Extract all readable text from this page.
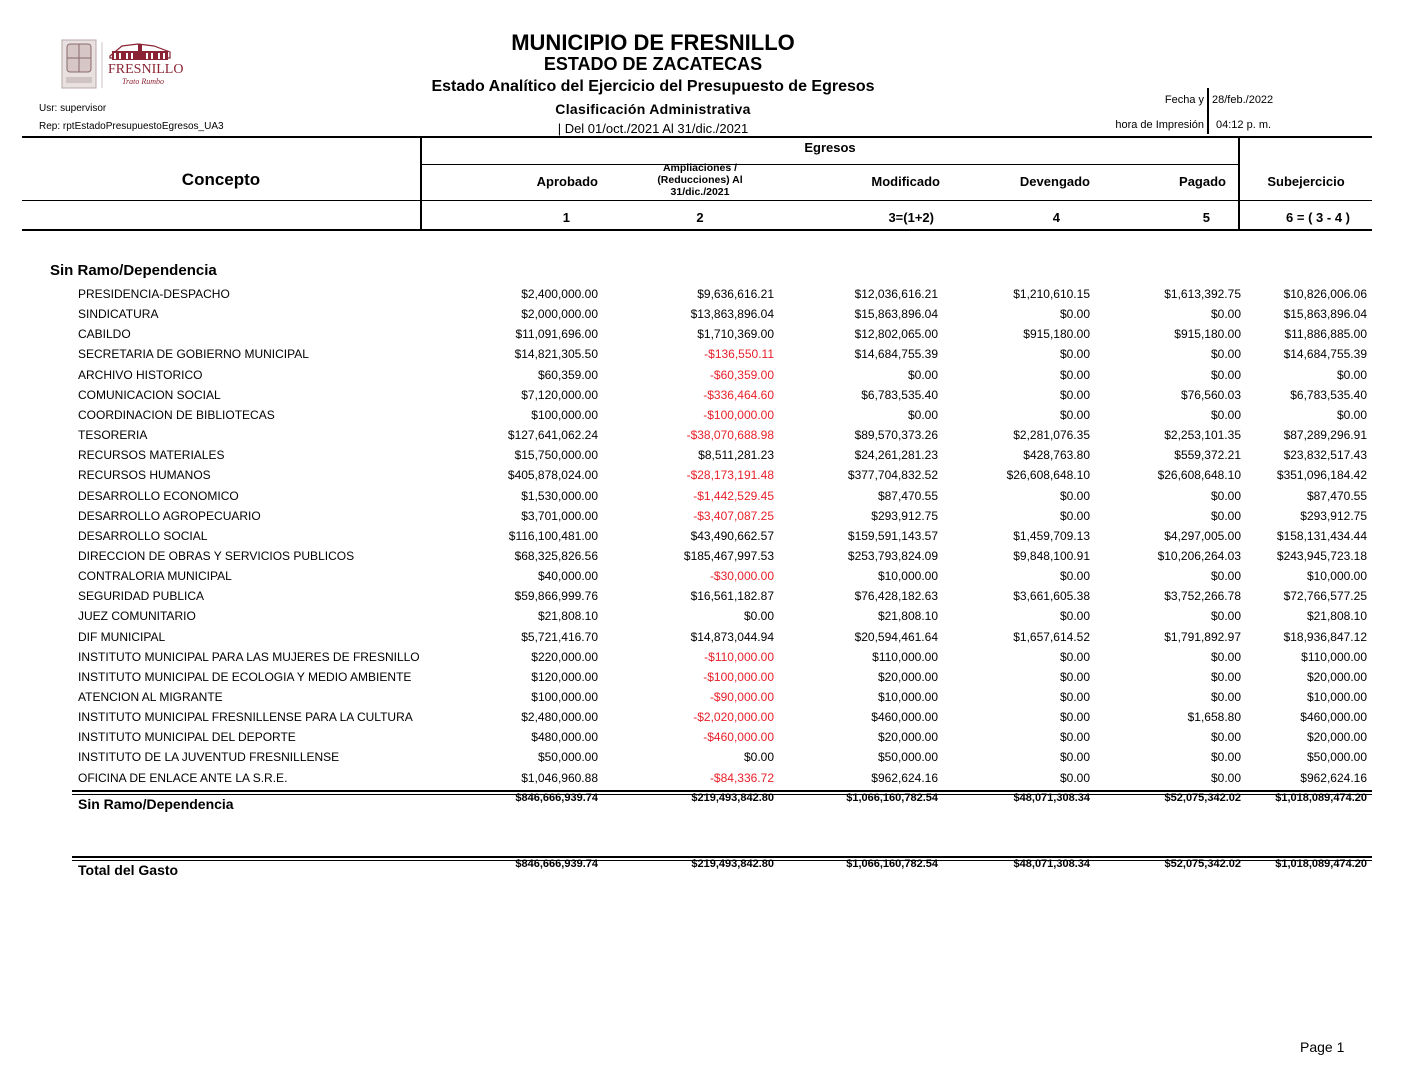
FRESNILLO
Trato Rumbo
MUNICIPIO DE FRESNILLO
ESTADO DE ZACATECAS
Estado Analítico del Ejercicio del Presupuesto de Egresos
Clasificación Administrativa
| Del 01/oct./2021 Al 31/dic./2021
Usr: supervisor
Rep: rptEstadoPresupuestoEgresos_UA3
Fecha y
hora de Impresión
28/feb./2022
04:12 p. m.
Concepto
Egresos
Aprobado
Ampliaciones /
(Reducciones) Al
31/dic./2021
Modificado	Devengado	Pagado	Subejercicio
1	2	3=(1+2)	4	5	6 = ( 3 - 4 )
Sin Ramo/Dependencia
PRESIDENCIA-DESPACHO	$2,400,000.00	$9,636,616.21	$12,036,616.21	$1,210,610.15	$1,613,392.75	$10,826,006.06
SINDICATURA	$2,000,000.00	$13,863,896.04	$15,863,896.04	$0.00	$0.00	$15,863,896.04
CABILDO	$11,091,696.00	$1,710,369.00	$12,802,065.00	$915,180.00	$915,180.00	$11,886,885.00
SECRETARIA DE GOBIERNO MUNICIPAL	$14,821,305.50	-$136,550.11	$14,684,755.39	$0.00	$0.00	$14,684,755.39
ARCHIVO HISTORICO	$60,359.00	-$60,359.00	$0.00	$0.00	$0.00	$0.00
COMUNICACION SOCIAL	$7,120,000.00	-$336,464.60	$6,783,535.40	$0.00	$76,560.03	$6,783,535.40
COORDINACION DE BIBLIOTECAS	$100,000.00	-$100,000.00	$0.00	$0.00	$0.00	$0.00
TESORERIA	$127,641,062.24	-$38,070,688.98	$89,570,373.26	$2,281,076.35	$2,253,101.35	$87,289,296.91
RECURSOS MATERIALES	$15,750,000.00	$8,511,281.23	$24,261,281.23	$428,763.80	$559,372.21	$23,832,517.43
RECURSOS HUMANOS	$405,878,024.00	-$28,173,191.48	$377,704,832.52	$26,608,648.10	$26,608,648.10	$351,096,184.42
DESARROLLO ECONOMICO	$1,530,000.00	-$1,442,529.45	$87,470.55	$0.00	$0.00	$87,470.55
DESARROLLO AGROPECUARIO	$3,701,000.00	-$3,407,087.25	$293,912.75	$0.00	$0.00	$293,912.75
DESARROLLO SOCIAL	$116,100,481.00	$43,490,662.57	$159,591,143.57	$1,459,709.13	$4,297,005.00	$158,131,434.44
DIRECCION DE OBRAS Y SERVICIOS PUBLICOS	$68,325,826.56	$185,467,997.53	$253,793,824.09	$9,848,100.91	$10,206,264.03	$243,945,723.18
CONTRALORIA MUNICIPAL	$40,000.00	-$30,000.00	$10,000.00	$0.00	$0.00	$10,000.00
SEGURIDAD PUBLICA	$59,866,999.76	$16,561,182.87	$76,428,182.63	$3,661,605.38	$3,752,266.78	$72,766,577.25
JUEZ COMUNITARIO	$21,808.10	$0.00	$21,808.10	$0.00	$0.00	$21,808.10
DIF MUNICIPAL	$5,721,416.70	$14,873,044.94	$20,594,461.64	$1,657,614.52	$1,791,892.97	$18,936,847.12
INSTITUTO MUNICIPAL PARA LAS MUJERES DE FRESNILLO	$220,000.00	-$110,000.00	$110,000.00	$0.00	$0.00	$110,000.00
INSTITUTO MUNICIPAL DE ECOLOGIA Y MEDIO AMBIENTE	$120,000.00	-$100,000.00	$20,000.00	$0.00	$0.00	$20,000.00
ATENCION AL MIGRANTE	$100,000.00	-$90,000.00	$10,000.00	$0.00	$0.00	$10,000.00
INSTITUTO MUNICIPAL FRESNILLENSE PARA LA CULTURA	$2,480,000.00	-$2,020,000.00	$460,000.00	$0.00	$1,658.80	$460,000.00
INSTITUTO MUNICIPAL DEL DEPORTE	$480,000.00	-$460,000.00	$20,000.00	$0.00	$0.00	$20,000.00
INSTITUTO DE LA JUVENTUD FRESNILLENSE	$50,000.00	$0.00	$50,000.00	$0.00	$0.00	$50,000.00
OFICINA DE ENLACE ANTE LA S.R.E.	$1,046,960.88	-$84,336.72	$962,624.16	$0.00	$0.00	$962,624.16
Sin Ramo/Dependencia	$846,666,939.74	$219,493,842.80	$1,066,160,782.54	$48,071,308.34	$52,075,342.02	$1,018,089,474.20
Total del Gasto	$846,666,939.74	$219,493,842.80	$1,066,160,782.54	$48,071,308.34	$52,075,342.02	$1,018,089,474.20
Page 1
